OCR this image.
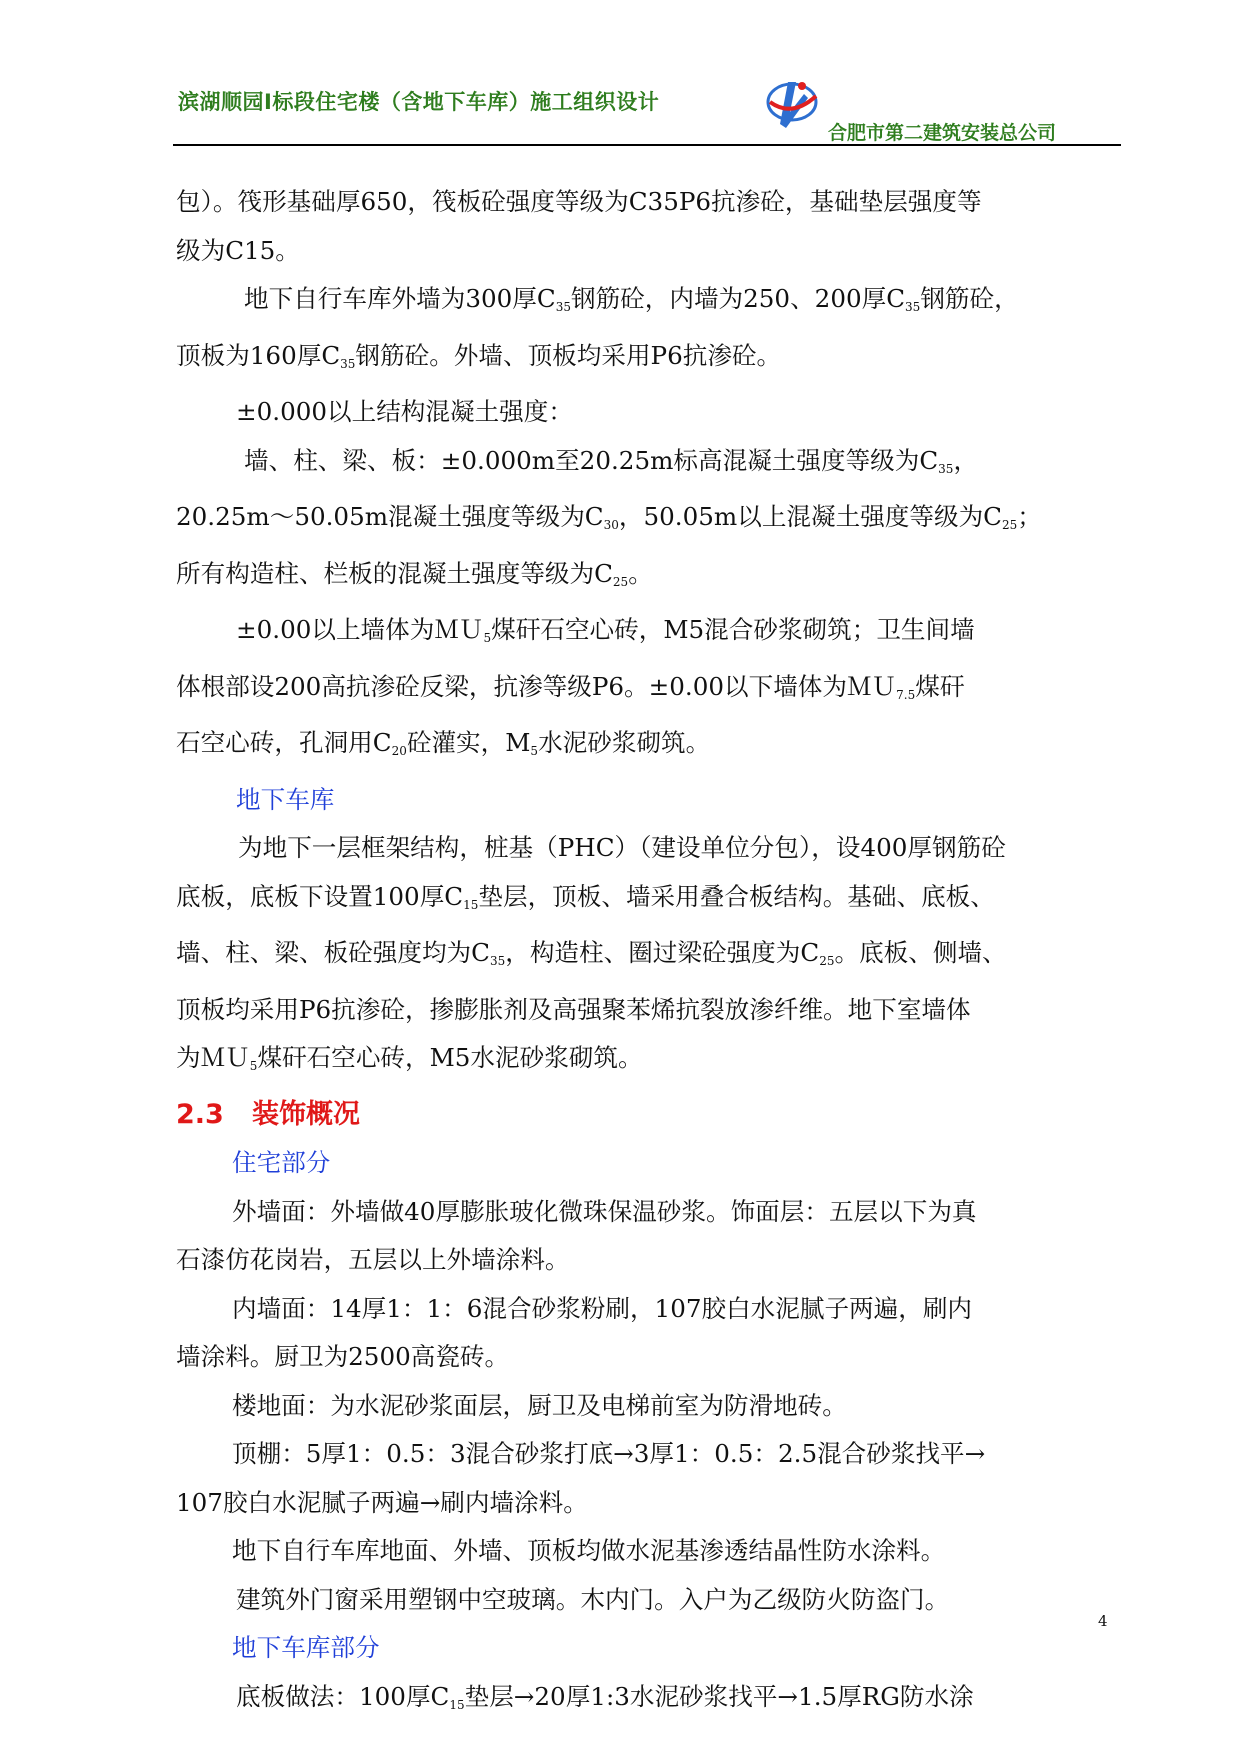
滨湖顺园Ⅰ标段住宅楼（含地下车库）施工组织设计
合肥市第二建筑安装总公司

包）。筏形基础厚650，筏板砼强度等级为C35P6抗渗砼，基础垫层强度等

级为C15。

地下自行车库外墙为300厚$C_{35}$钢筋砼，内墙为250、200厚$C_{35}$钢筋砼，

顶板为160厚$C_{35}$钢筋砼。外墙、顶板均采用P6抗渗砼。

±0.000以上结构混凝土强度：

墙、柱、梁、板：±0.000m至20.25m标高混凝土强度等级为$C_{35}$，

20.25m～50.05m混凝土强度等级为$C_{30}$，50.05m以上混凝土强度等级为$C_{25}$；

所有构造柱、栏板的混凝土强度等级为$C_{25}$。

±0.00以上墙体为ＭＵ$_5$煤矸石空心砖，M5混合砂浆砌筑；卫生间墙

体根部设200高抗渗砼反梁，抗渗等级P6。±0.00以下墙体为ＭＵ$_{7.5}$煤矸

石空心砖，孔洞用$C_{20}$砼灌实，$M_5$水泥砂浆砌筑。

地下车库

为地下一层框架结构，桩基（PHC）（建设单位分包），设400厚钢筋砼

底板，底板下设置100厚$C_{15}$垫层，顶板、墙采用叠合板结构。基础、底板、

墙、柱、梁、板砼强度均为$C_{35}$，构造柱、圈过梁砼强度为$C_{25}$。底板、侧墙、

顶板均采用P6抗渗砼，掺膨胀剂及高强聚苯烯抗裂放渗纤维。地下室墙体

为ＭＵ$_5$煤矸石空心砖，M5水泥砂浆砌筑。

2.3 装饰概况

住宅部分

外墙面：外墙做40厚膨胀玻化微珠保温砂浆。饰面层：五层以下为真

石漆仿花岗岩，五层以上外墙涂料。

内墙面：14厚1：1：6混合砂浆粉刷，107胶白水泥腻子两遍，刷内

墙涂料。厨卫为2500高瓷砖。

楼地面：为水泥砂浆面层，厨卫及电梯前室为防滑地砖。

顶棚：5厚1：0.5：3混合砂浆打底→3厚1：0.5：2.5混合砂浆找平→

107胶白水泥腻子两遍→刷内墙涂料。

地下自行车库地面、外墙、顶板均做水泥基渗透结晶性防水涂料。

建筑外门窗采用塑钢中空玻璃。木内门。入户为乙级防火防盗门。

地下车库部分

底板做法：100厚$C_{15}$垫层→20厚1:3水泥砂浆找平→1.5厚RG防水涂

4
